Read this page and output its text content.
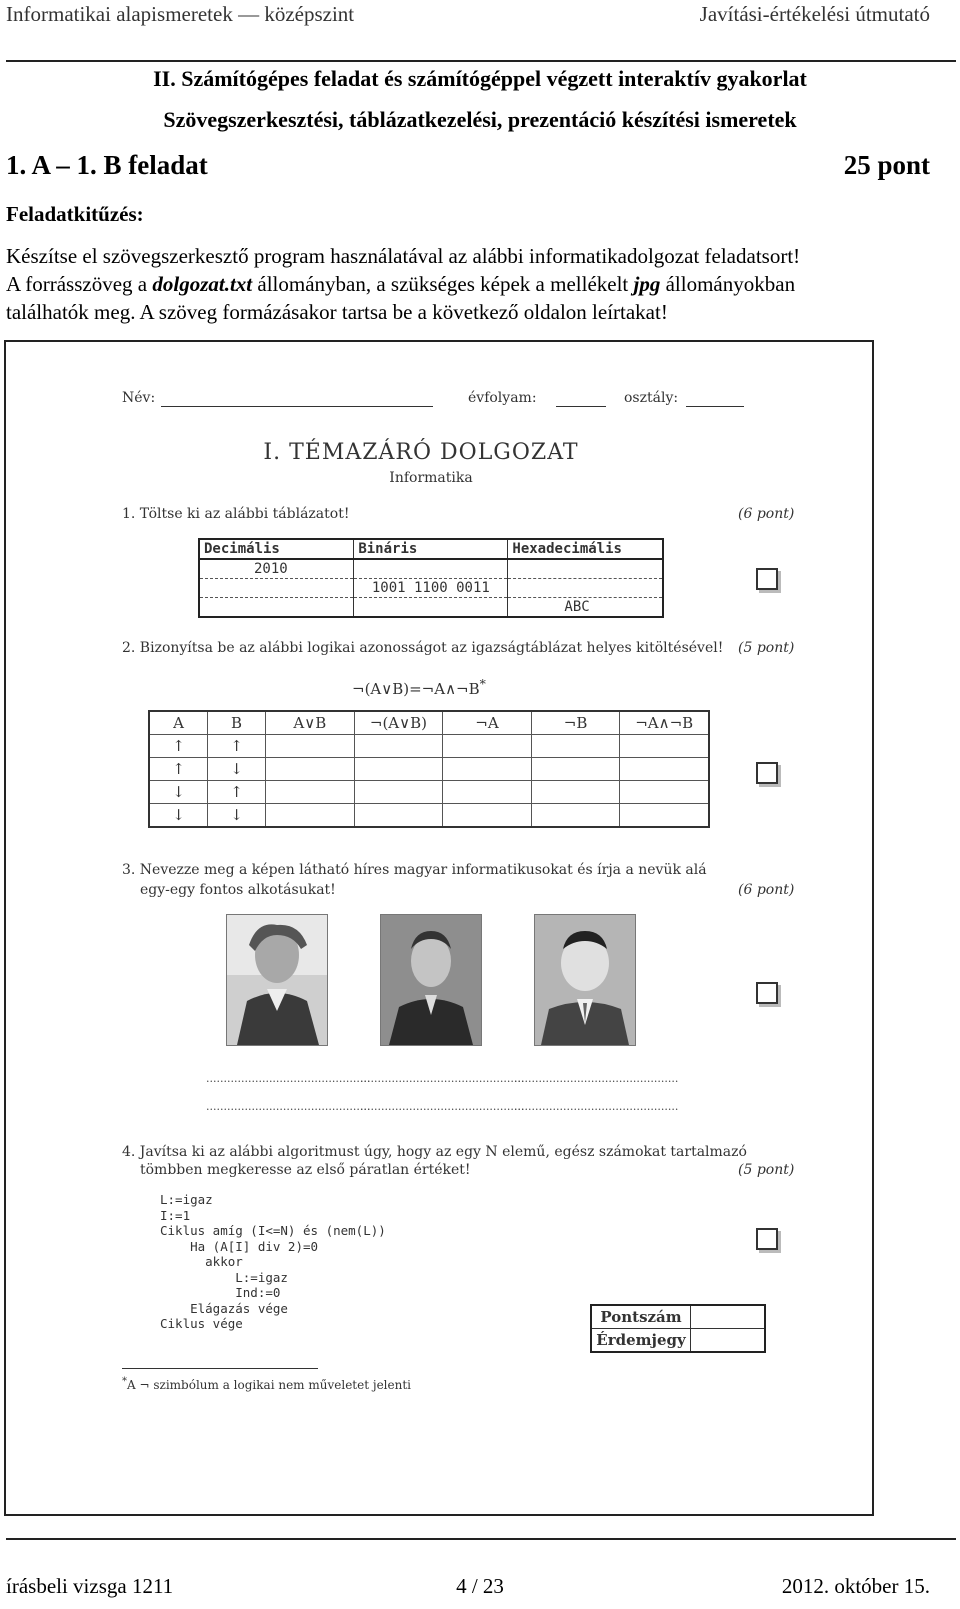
Informatikai alapismeretek — középszint	Javítási-értékelési útmutató
II. Számítógépes feladat és számítógéppel végzett interaktív gyakorlat
Szövegszerkesztési, táblázatkezelési, prezentáció készítési ismeretek
1. A – 1. B feladat	25 pont
Feladatkitűzés:
Készítse el szövegszerkesztő program használatával az alábbi informatikadolgozat feladatsort!
A forrásszöveg a dolgozat.txt állományban, a szükséges képek a mellékelt jpg állományokban
találhatók meg. A szöveg formázásakor tartsa be a következő oldalon leírtakat!
Név:	évfolyam:	osztály:
I. TÉMAZÁRÓ DOLGOZAT
Informatika
1. Töltse ki az alábbi táblázatot!	(6 pont)
Decimális	Bináris	Hexadecimális
2010		
	1001 1100 0011	
		ABC
2. Bizonyítsa be az alábbi logikai azonosságot az igazságtáblázat helyes kitöltésével! (5 pont)
¬(A∨B)=¬A∧¬B*
A	B	A∨B	¬(A∨B)	¬A	¬B	¬A∧¬B
↑	↑					
↑	↓					
↓	↑					
↓	↓					
3. Nevezze meg a képen látható híres magyar informatikusokat és írja a nevük alá
egy-egy fontos alkotásukat!	(6 pont)
...............................................
...............................................
...............................................
...............................................
...............................................
...............................................
4. Javítsa ki az alábbi algoritmust úgy, hogy az egy N elemű, egész számokat tartalmazó
tömbben megkeresse az első páratlan értéket!	(5 pont)
L:=igaz
I:=1
Ciklus amíg (I<=N) és (nem(L))
Ha (A[I] div 2)=0
akkor
L:=igaz
Ind:=0
Elágazás vége
Ciklus vége	Pontszám	
Érdemjegy	
*A ¬ szimbólum a logikai nem műveletet jelenti
írásbeli vizsga 1211	4 / 23	2012. október 15.
